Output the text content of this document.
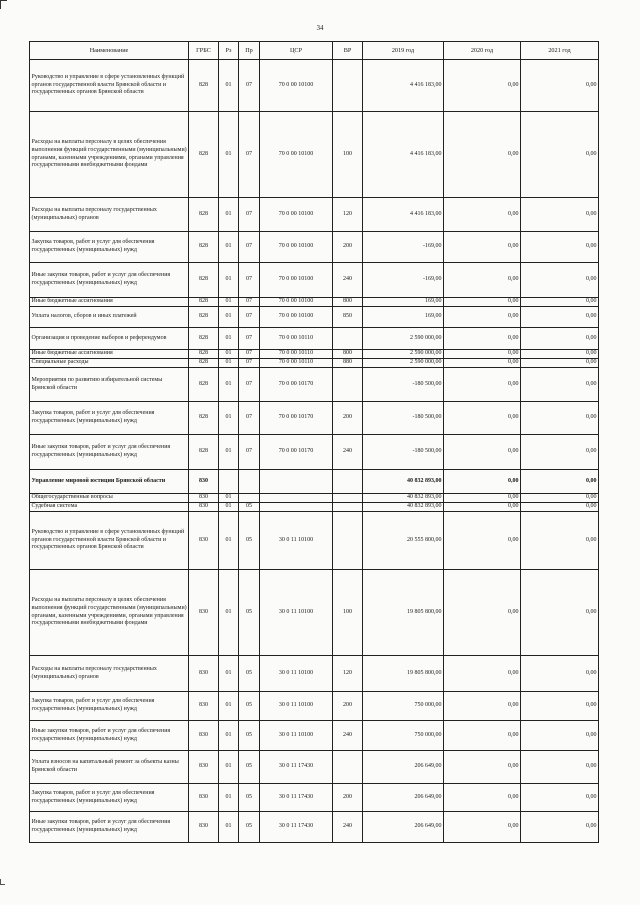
34
Наименование	ГРБС	Рз	Пр	ЦСР	ВР	2019 год	2020 год	2021 год
Руководство и управление в сфере установленных функций органов государственной власти Брянской области и государственных органов Брянской области	828	01	07	70 0 00 10100		4 416 183,00	0,00	0,00
Расходы на выплаты персоналу в целях обеспечения выполнения функций государственными (муниципальными) органами, казенными учреждениями, органами управления государственными внебюджетными фондами	828	01	07	70 0 00 10100	100	4 416 183,00	0,00	0,00
Расходы на выплаты персоналу государственных (муниципальных) органов	828	01	07	70 0 00 10100	120	4 416 183,00	0,00	0,00
Закупка товаров, работ и услуг для обеспечения государственных (муниципальных) нужд	828	01	07	70 0 00 10100	200	-169,00	0,00	0,00
Иные закупки товаров, работ и услуг для обеспечения государственных (муниципальных) нужд	828	01	07	70 0 00 10100	240	-169,00	0,00	0,00
Иные бюджетные ассигнования	828	01	07	70 0 00 10100	800	169,00	0,00	0,00
Уплата налогов, сборов и иных платежей	828	01	07	70 0 00 10100	850	169,00	0,00	0,00
Организация и проведение выборов и референдумов	828	01	07	70 0 00 10110		2 590 000,00	0,00	0,00
Иные бюджетные ассигнования	828	01	07	70 0 00 10110	800	2 590 000,00	0,00	0,00
Специальные расходы	828	01	07	70 0 00 10110	880	2 590 000,00	0,00	0,00
Мероприятия по развитию избирательной системы Брянской области	828	01	07	70 0 00 10170		-180 500,00	0,00	0,00
Закупка товаров, работ и услуг для обеспечения государственных (муниципальных) нужд	828	01	07	70 0 00 10170	200	-180 500,00	0,00	0,00
Иные закупки товаров, работ и услуг для обеспечения государственных (муниципальных) нужд	828	01	07	70 0 00 10170	240	-180 500,00	0,00	0,00
Управление мировой юстиции Брянской области	830					40 832 893,00	0,00	0,00
Общегосударственные вопросы	830	01				40 832 893,00	0,00	0,00
Судебная система	830	01	05			40 832 893,00	0,00	0,00
Руководство и управление в сфере установленных функций органов государственной власти Брянской области и государственных органов Брянской области	830	01	05	30 0 11 10100		20 555 800,00	0,00	0,00
Расходы на выплаты персоналу в целях обеспечения выполнения функций государственными (муниципальными) органами, казенными учреждениями, органами управления государственными внебюджетными фондами	830	01	05	30 0 11 10100	100	19 805 800,00	0,00	0,00
Расходы на выплаты персоналу государственных (муниципальных) органов	830	01	05	30 0 11 10100	120	19 805 800,00	0,00	0,00
Закупка товаров, работ и услуг для обеспечения государственных (муниципальных) нужд	830	01	05	30 0 11 10100	200	750 000,00	0,00	0,00
Иные закупки товаров, работ и услуг для обеспечения государственных (муниципальных) нужд	830	01	05	30 0 11 10100	240	750 000,00	0,00	0,00
Уплата взносов на капитальный ремонт за объекты казны Брянской области	830	01	05	30 0 11 17430		206 649,00	0,00	0,00
Закупка товаров, работ и услуг для обеспечения государственных (муниципальных) нужд	830	01	05	30 0 11 17430	200	206 649,00	0,00	0,00
Иные закупки товаров, работ и услуг для обеспечения государственных (муниципальных) нужд	830	01	05	30 0 11 17430	240	206 649,00	0,00	0,00
